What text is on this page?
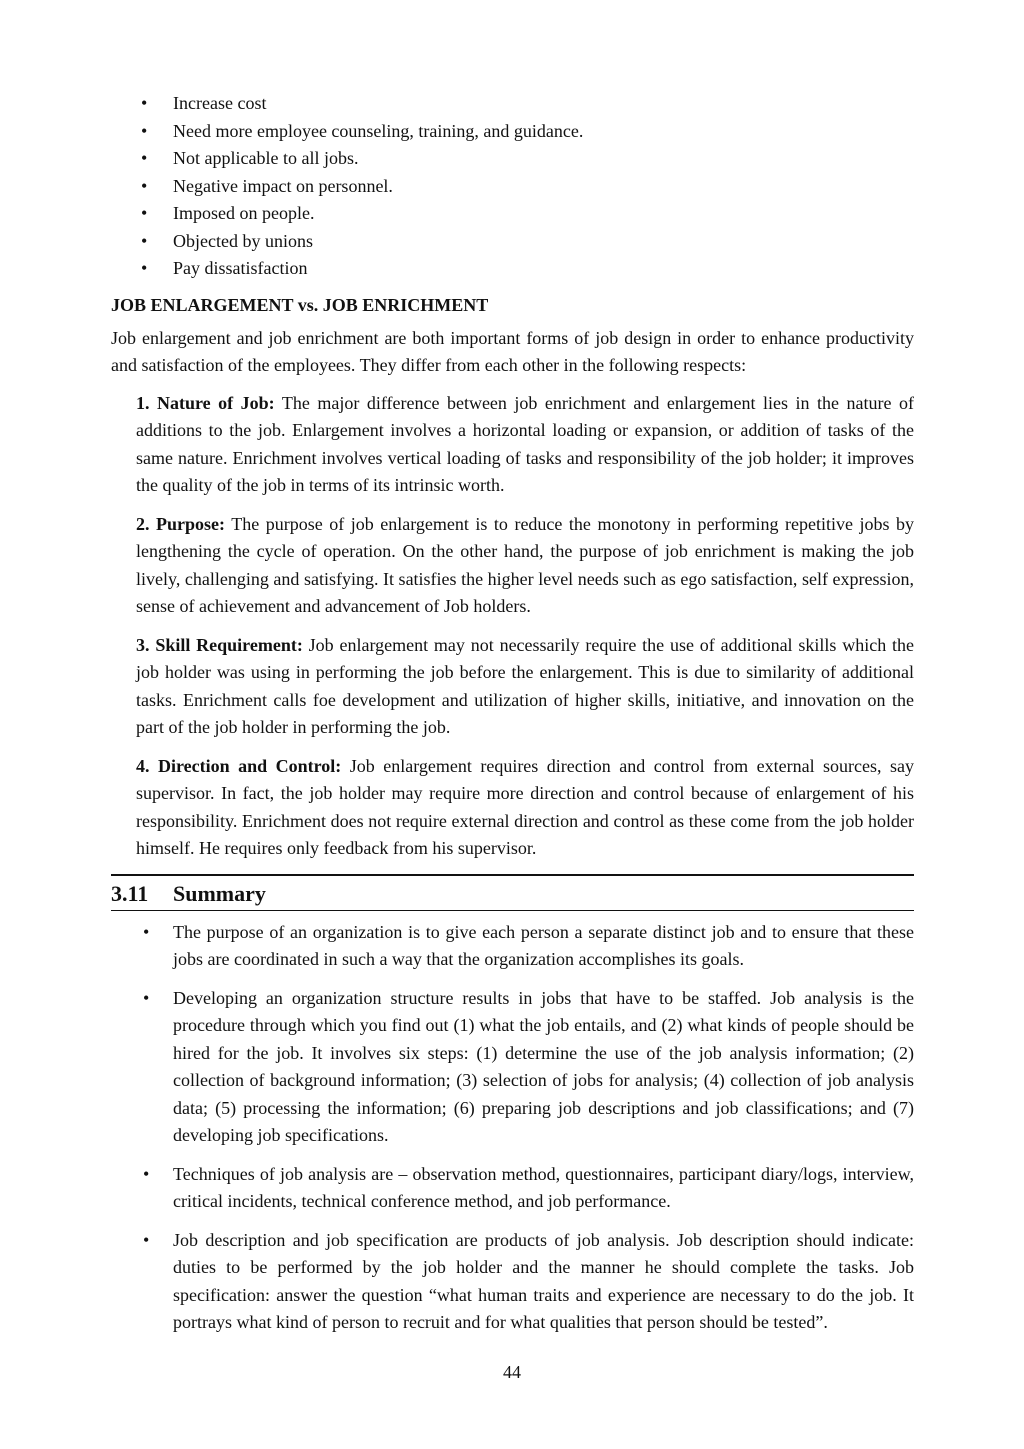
• Increase cost
• Need more employee counseling, training, and guidance.
• Not applicable to all jobs.
• Negative impact on personnel.
• Imposed on people.
• Objected by unions
• Pay dissatisfaction
JOB ENLARGEMENT vs. JOB ENRICHMENT

Job enlargement and job enrichment are both important forms of job design in order to enhance productivity and satisfaction of the employees. They differ from each other in the following respects:

1. Nature of Job: The major difference between job enrichment and enlargement lies in the nature of additions to the job. Enlargement involves a horizontal loading or expansion, or addition of tasks of the same nature. Enrichment involves vertical loading of tasks and responsibility of the job holder; it improves the quality of the job in terms of its intrinsic worth.

2. Purpose: The purpose of job enlargement is to reduce the monotony in performing repetitive jobs by lengthening the cycle of operation. On the other hand, the purpose of job enrichment is making the job lively, challenging and satisfying. It satisfies the higher level needs such as ego satisfaction, self expression, sense of achievement and advancement of Job holders.

3. Skill Requirement: Job enlargement may not necessarily require the use of additional skills which the job holder was using in performing the job before the enlargement. This is due to similarity of additional tasks. Enrichment calls foe development and utilization of higher skills, initiative, and innovation on the part of the job holder in performing the job.

4. Direction and Control: Job enlargement requires direction and control from external sources, say supervisor. In fact, the job holder may require more direction and control because of enlargement of his responsibility. Enrichment does not require external direction and control as these come from the job holder himself. He requires only feedback from his supervisor.

3.11 Summary
• The purpose of an organization is to give each person a separate distinct job and to ensure that these jobs are coordinated in such a way that the organization accomplishes its goals.
• Developing an organization structure results in jobs that have to be staffed. Job analysis is the procedure through which you find out (1) what the job entails, and (2) what kinds of people should be hired for the job. It involves six steps: (1) determine the use of the job analysis information; (2) collection of background information; (3) selection of jobs for analysis; (4) collection of job analysis data; (5) processing the information; (6) preparing job descriptions and job classifications; and (7) developing job specifications.
• Techniques of job analysis are – observation method, questionnaires, participant diary/logs, interview, critical incidents, technical conference method, and job performance.
• Job description and job specification are products of job analysis. Job description should indicate: duties to be performed by the job holder and the manner he should complete the tasks. Job specification: answer the question “what human traits and experience are necessary to do the job. It portrays what kind of person to recruit and for what qualities that person should be tested”.
44
